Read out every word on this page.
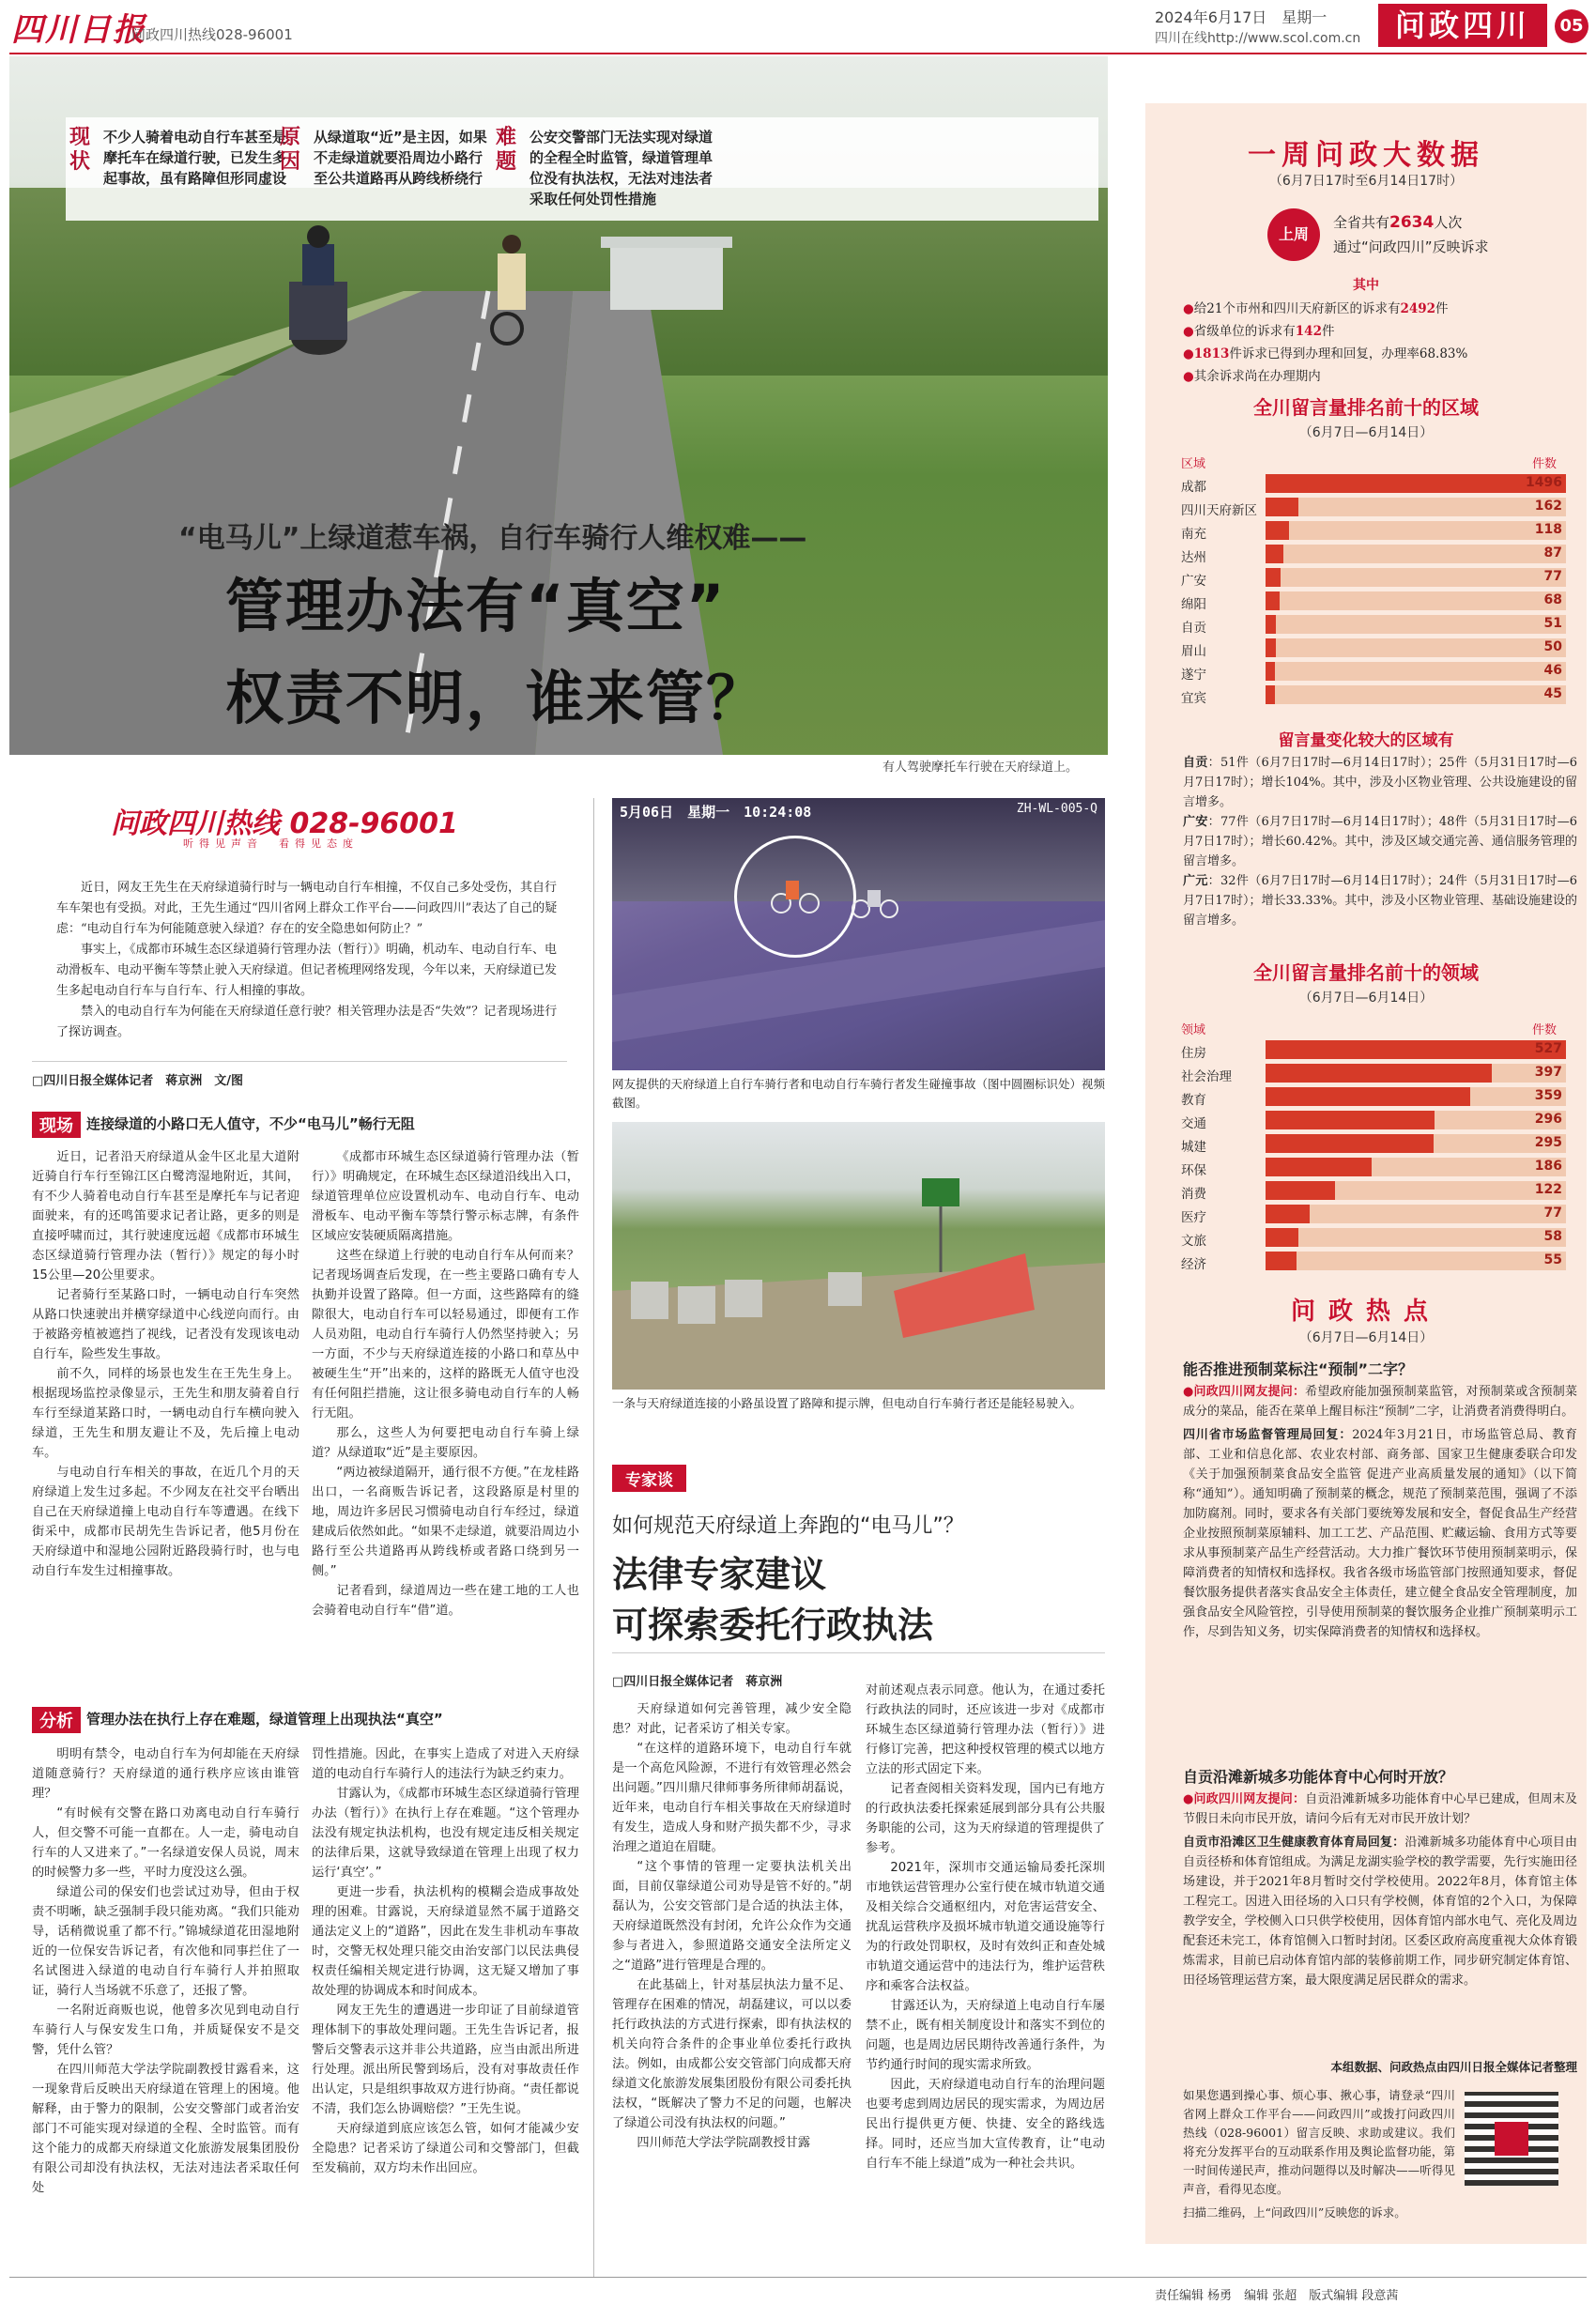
四川日报
问政四川热线028-96001
2024年6月17日　星期一
四川在线http://www.scol.com.cn	问政四川	05
现状
不少人骑着电动自行车甚至是摩托车在绿道行驶，已发生多起事故，虽有路障但形同虚设
原因
从绿道取“近”是主因，如果不走绿道就要沿周边小路行至公共道路再从跨线桥绕行
难题
公安交警部门无法实现对绿道的全程全时监管，绿道管理单位没有执法权，无法对违法者采取任何处罚性措施
“电马儿”上绿道惹车祸，自行车骑行人维权难——
管理办法有“真空”
权责不明，谁来管？
有人驾驶摩托车行驶在天府绿道上。
问政四川热线 028-96001
听得见声音　看得见态度

近日，网友王先生在天府绿道骑行时与一辆电动自行车相撞，不仅自己多处受伤，其自行车车架也有受损。对此，王先生通过“四川省网上群众工作平台——问政四川”表达了自己的疑虑：“电动自行车为何能随意驶入绿道？存在的安全隐患如何防止？”

事实上，《成都市环城生态区绿道骑行管理办法（暂行）》明确，机动车、电动自行车、电动滑板车、电动平衡车等禁止驶入天府绿道。但记者梳理网络发现，今年以来，天府绿道已发生多起电动自行车与自行车、行人相撞的事故。

禁入的电动自行车为何能在天府绿道任意行驶？相关管理办法是否“失效”？记者现场进行了探访调查。

□四川日报全媒体记者　蒋京洲　文/图
现场 连接绿道的小路口无人值守，不少“电马儿”畅行无阻

近日，记者沿天府绿道从金牛区北星大道附近骑自行车行至锦江区白鹭湾湿地附近，其间，有不少人骑着电动自行车甚至是摩托车与记者迎面驶来，有的还鸣笛要求记者让路，更多的则是直接呼啸而过，其行驶速度远超《成都市环城生态区绿道骑行管理办法（暂行）》规定的每小时15公里—20公里要求。

记者骑行至某路口时，一辆电动自行车突然从路口快速驶出并横穿绿道中心线逆向而行。由于被路旁植被遮挡了视线，记者没有发现该电动自行车，险些发生事故。

前不久，同样的场景也发生在王先生身上。根据现场监控录像显示，王先生和朋友骑着自行车行至绿道某路口时，一辆电动自行车横向驶入绿道，王先生和朋友避让不及，先后撞上电动车。

与电动自行车相关的事故，在近几个月的天府绿道上发生过多起。不少网友在社交平台晒出自己在天府绿道撞上电动自行车等遭遇。在线下街采中，成都市民胡先生告诉记者，他5月份在天府绿道中和湿地公园附近路段骑行时，也与电动自行车发生过相撞事故。

《成都市环城生态区绿道骑行管理办法（暂行）》明确规定，在环城生态区绿道沿线出入口，绿道管理单位应设置机动车、电动自行车、电动滑板车、电动平衡车等禁行警示标志牌，有条件区域应安装硬质隔离措施。

这些在绿道上行驶的电动自行车从何而来？记者现场调查后发现，在一些主要路口确有专人执勤并设置了路障。但一方面，这些路障有的缝隙很大，电动自行车可以轻易通过，即便有工作人员劝阻，电动自行车骑行人仍然坚持驶入；另一方面，不少与天府绿道连接的小路口和草丛中被硬生生“开”出来的，这样的路既无人值守也没有任何阻拦措施，这让很多骑电动自行车的人畅行无阻。

那么，这些人为何要把电动自行车骑上绿道？从绿道取“近”是主要原因。

“两边被绿道隔开，通行很不方便。”在龙桂路出口，一名商贩告诉记者，这段路原是村里的地，周边许多居民习惯骑电动自行车经过，绿道建成后依然如此。“如果不走绿道，就要沿周边小路行至公共道路再从跨线桥或者路口绕到另一侧。”

记者看到，绿道周边一些在建工地的工人也会骑着电动自行车“借”道。

分析 管理办法在执行上存在难题，绿道管理上出现执法“真空”

明明有禁令，电动自行车为何却能在天府绿道随意骑行？天府绿道的通行秩序应该由谁管理？

“有时候有交警在路口劝离电动自行车骑行人，但交警不可能一直都在。人一走，骑电动自行车的人又进来了。”一名绿道安保人员说，周末的时候警力多一些，平时力度没这么强。

绿道公司的保安们也尝试过劝导，但由于权责不明晰，缺乏强制手段只能劝离。“我们只能劝导，话稍微说重了都不行。”锦城绿道花田湿地附近的一位保安告诉记者，有次他和同事拦住了一名试图进入绿道的电动自行车骑行人并拍照取证，骑行人当场就不乐意了，还报了警。

一名附近商贩也说，他曾多次见到电动自行车骑行人与保安发生口角，并质疑保安不是交警，凭什么管？

在四川师范大学法学院副教授甘露看来，这一现象背后反映出天府绿道在管理上的困境。他解释，由于警力的限制，公安交警部门或者治安部门不可能实现对绿道的全程、全时监管。而有这个能力的成都天府绿道文化旅游发展集团股份有限公司却没有执法权，无法对违法者采取任何处

罚性措施。因此，在事实上造成了对进入天府绿道的电动自行车骑行人的违法行为缺乏约束力。

甘露认为，《成都市环城生态区绿道骑行管理办法（暂行）》在执行上存在难题。“这个管理办法没有规定执法机构，也没有规定违反相关规定的法律后果，这就导致绿道在管理上出现了权力运行‘真空’。”

更进一步看，执法机构的模糊会造成事故处理的困难。甘露说，天府绿道显然不属于道路交通法定义上的“道路”，因此在发生非机动车事故时，交警无权处理只能交由治安部门以民法典侵权责任编相关规定进行协调，这无疑又增加了事故处理的协调成本和时间成本。

网友王先生的遭遇进一步印证了目前绿道管理体制下的事故处理问题。王先生告诉记者，报警后交警表示这并非公共道路，应当由派出所进行处理。派出所民警到场后，没有对事故责任作出认定，只是组织事故双方进行协商。“责任都说不清，我们怎么协调赔偿？”王先生说。

天府绿道到底应该怎么管，如何才能减少安全隐患？记者采访了绿道公司和交警部门，但截至发稿前，双方均未作出回应。

5月06日　星期一　10:24:08	ZH-WL-005-Q
网友提供的天府绿道上自行车骑行者和电动自行车骑行者发生碰撞事故（图中圆圈标识处）视频截图。
一条与天府绿道连接的小路虽设置了路障和提示牌，但电动自行车骑行者还是能轻易驶入。
专家谈
如何规范天府绿道上奔跑的“电马儿”？
法律专家建议
可探索委托行政执法
□四川日报全媒体记者　蒋京洲

天府绿道如何完善管理，减少安全隐患？对此，记者采访了相关专家。

“在这样的道路环境下，电动自行车就是一个高危风险源，不进行有效管理必然会出问题。”四川鼎尺律师事务所律师胡磊说，近年来，电动自行车相关事故在天府绿道时有发生，造成人身和财产损失都不少，寻求治理之道迫在眉睫。

“这个事情的管理一定要执法机关出面，目前仅靠绿道公司劝导是管不好的。”胡磊认为，公安交管部门是合适的执法主体，天府绿道既然没有封闭，允许公众作为交通参与者进入，参照道路交通安全法所定义之“道路”进行管理是合理的。

在此基础上，针对基层执法力量不足、管理存在困难的情况，胡磊建议，可以以委托行政执法的方式进行探索，即有执法权的机关向符合条件的企事业单位委托行政执法。例如，由成都公安交管部门向成都天府绿道文化旅游发展集团股份有限公司委托执法权，“既解决了警力不足的问题，也解决了绿道公司没有执法权的问题。”

四川师范大学法学院副教授甘露

对前述观点表示同意。他认为，在通过委托行政执法的同时，还应该进一步对《成都市环城生态区绿道骑行管理办法（暂行）》进行修订完善，把这种授权管理的模式以地方立法的形式固定下来。

记者查阅相关资料发现，国内已有地方的行政执法委托探索延展到部分具有公共服务职能的公司，这为天府绿道的管理提供了参考。

2021年，深圳市交通运输局委托深圳市地铁运营管理办公室行使在城市轨道交通及相关综合交通枢纽内，对危害运营安全、扰乱运营秩序及损坏城市轨道交通设施等行为的行政处罚职权，及时有效纠正和查处城市轨道交通运营中的违法行为，维护运营秩序和乘客合法权益。

甘露还认为，天府绿道上电动自行车屡禁不止，既有相关制度设计和落实不到位的问题，也是周边居民期待改善通行条件，为节约通行时间的现实需求所致。

因此，天府绿道电动自行车的治理问题也要考虑到周边居民的现实需求，为周边居民出行提供更方便、快捷、安全的路线选择。同时，还应当加大宣传教育，让“电动自行车不能上绿道”成为一种社会共识。

一周问政大数据
（6月7日17时至6月14日17时）
上周
全省共有2634人次
通过“问政四川”反映诉求
其中
●给21个市州和四川天府新区的诉求有2492件
●省级单位的诉求有142件
●1813件诉求已得到办理和回复，办理率68.83%
●其余诉求尚在办理期内
全川留言量排名前十的区域
（6月7日—6月14日）
区域	件数
成都	1496
四川天府新区	162
南充	118
达州	87
广安	77
绵阳	68
自贡	51
眉山	50
遂宁	46
宜宾	45
留言量变化较大的区域有

自贡：51件（6月7日17时—6月14日17时）；25件（5月31日17时—6月7日17时）；增长104%。其中，涉及小区物业管理、公共设施建设的留言增多。

广安：77件（6月7日17时—6月14日17时）；48件（5月31日17时—6月7日17时）；增长60.42%。其中，涉及区域交通完善、通信服务管理的留言增多。

广元：32件（6月7日17时—6月14日17时）；24件（5月31日17时—6月7日17时）；增长33.33%。其中，涉及小区物业管理、基础设施建设的留言增多。

全川留言量排名前十的领域
（6月7日—6月14日）
领域	件数
住房	527
社会治理	397
教育	359
交通	296
城建	295
环保	186
消费	122
医疗	77
文旅	58
经济	55
问政热点
（6月7日—6月14日）
能否推进预制菜标注“预制”二字？

●问政四川网友提问：希望政府能加强预制菜监管，对预制菜或含预制菜成分的菜品，能否在菜单上醒目标注“预制”二字，让消费者消费得明白。

四川省市场监督管理局回复：2024年3月21日，市场监管总局、教育部、工业和信息化部、农业农村部、商务部、国家卫生健康委联合印发《关于加强预制菜食品安全监管 促进产业高质量发展的通知》（以下简称“通知”）。通知明确了预制菜的概念，规范了预制菜范围，强调了不添加防腐剂。同时，要求各有关部门要统筹发展和安全，督促食品生产经营企业按照预制菜原辅料、加工工艺、产品范围、贮藏运输、食用方式等要求从事预制菜产品生产经营活动。大力推广餐饮环节使用预制菜明示，保障消费者的知情权和选择权。我省各级市场监管部门按照通知要求，督促餐饮服务提供者落实食品安全主体责任，建立健全食品安全管理制度，加强食品安全风险管控，引导使用预制菜的餐饮服务企业推广预制菜明示工作，尽到告知义务，切实保障消费者的知情权和选择权。

自贡沿滩新城多功能体育中心何时开放？

●问政四川网友提问：自贡沿滩新城多功能体育中心早已建成，但周末及节假日未向市民开放，请问今后有无对市民开放计划？

自贡市沿滩区卫生健康教育体育局回复：沿滩新城多功能体育中心项目由自贡径桥和体育馆组成。为满足龙湖实验学校的教学需要，先行实施田径场建设，并于2021年8月暂时交付学校使用。2022年8月，体育馆主体工程完工。因进入田径场的入口只有学校侧，体育馆的2个入口，为保障教学安全，学校侧入口只供学校使用，因体育馆内部水电气、亮化及周边配套还未完工，体育馆侧入口暂时封闭。区委区政府高度重视大众体育锻炼需求，目前已启动体育馆内部的装修前期工作，同步研究制定体育馆、田径场管理运营方案，最大限度满足居民群众的需求。

本组数据、问政热点由四川日报全媒体记者整理

如果您遇到操心事、烦心事、揪心事，请登录“四川省网上群众工作平台——问政四川”或拨打问政四川热线（028-96001）留言反映、求助或建议。我们将充分发挥平台的互动联系作用及舆论监督功能，第一时间传递民声，推动问题得以及时解决——听得见声音，看得见态度。

扫描二维码，上“问政四川”反映您的诉求。

责任编辑 杨勇　编辑 张超　版式编辑 段意茜
